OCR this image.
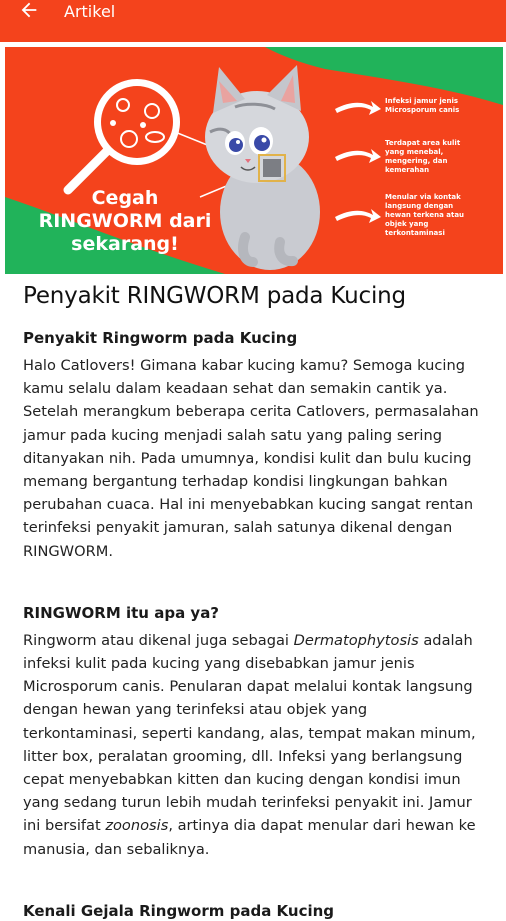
Artikel
Cegah
RINGWORM dari
sekarang!
Infeksi jamur jenis
Microsporum canis
Terdapat area kulit
yang menebal,
mengering, dan
kemerahan
Menular via kontak
langsung dengan
hewan terkena atau
objek yang
terkontaminasi
Penyakit RINGWORM pada Kucing
Penyakit Ringworm pada Kucing

Halo Catlovers! Gimana kabar kucing kamu? Semoga kucing kamu selalu dalam keadaan sehat dan semakin cantik ya. Setelah merangkum beberapa cerita Catlovers, permasalahan jamur pada kucing menjadi salah satu yang paling sering ditanyakan nih. Pada umumnya, kondisi kulit dan bulu kucing memang bergantung terhadap kondisi lingkungan bahkan perubahan cuaca. Hal ini menyebabkan kucing sangat rentan terinfeksi penyakit jamuran, salah satunya dikenal dengan RINGWORM.

RINGWORM itu apa ya?

Ringworm atau dikenal juga sebagai Dermatophytosis adalah infeksi kulit pada kucing yang disebabkan jamur jenis Microsporum canis. Penularan dapat melalui kontak langsung dengan hewan yang terinfeksi atau objek yang terkontaminasi, seperti kandang, alas, tempat makan minum, litter box, peralatan grooming, dll. Infeksi yang berlangsung cepat menyebabkan kitten dan kucing dengan kondisi imun yang sedang turun lebih mudah terinfeksi penyakit ini. Jamur ini bersifat zoonosis, artinya dia dapat menular dari hewan ke manusia, dan sebaliknya.

Kenali Gejala Ringworm pada Kucing
